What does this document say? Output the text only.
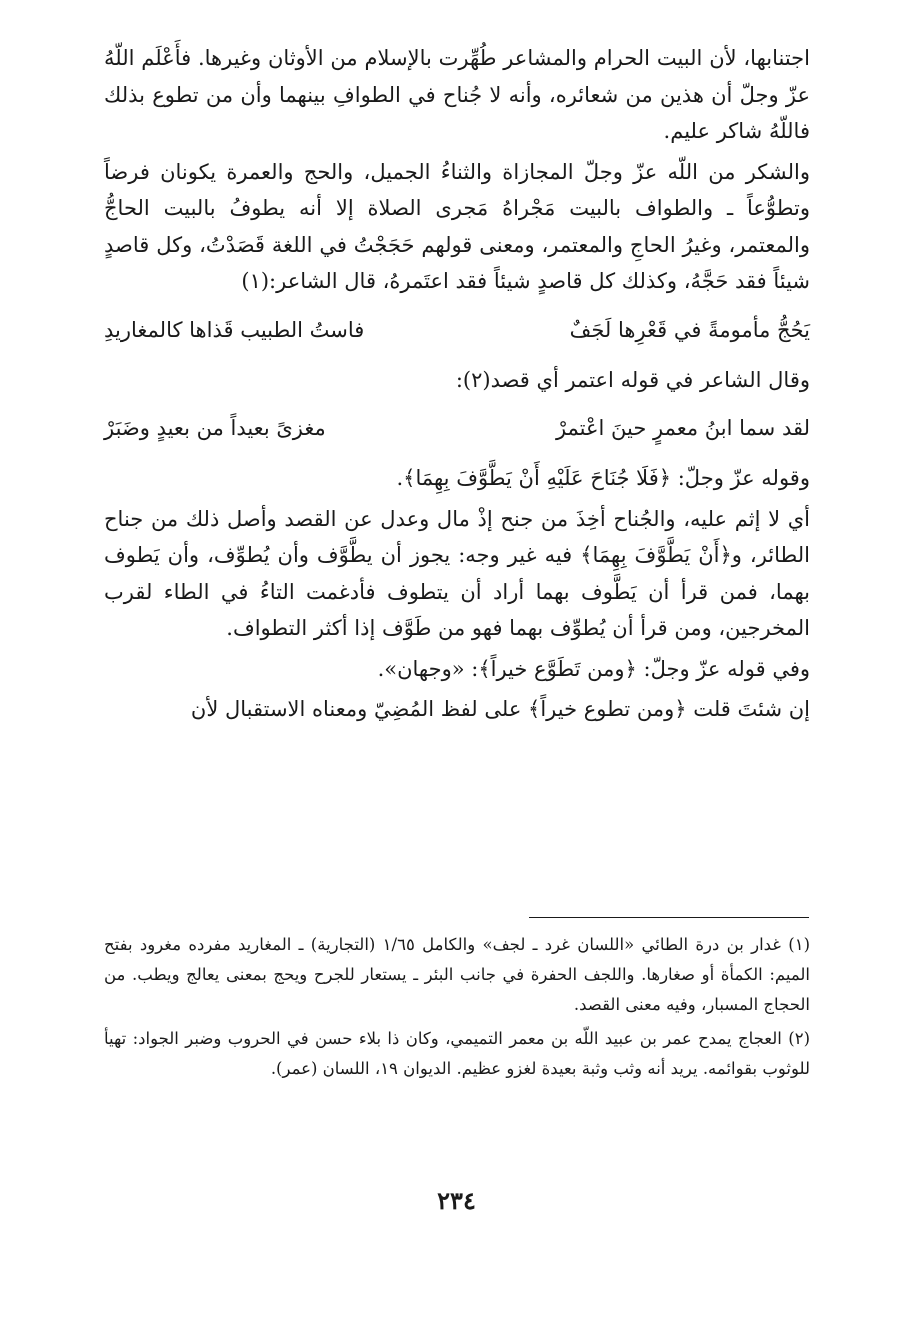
اجتنابها، لأن البيت الحرام والمشاعر طُهِّرت بالإسلام من الأوثان وغيرها. فأَعْلَم اللّهُ عزّ وجلّ أن هذين من شعائره، وأنه لا جُناح في الطوافِ بينهما وأن من تطوع بذلك فاللّهُ شاكر عليم.

والشكر من اللّه عزّ وجلّ المجازاة والثناءُ الجميل، والحج والعمرة يكونان فرضاً وتطوُّعاً ـ والطواف بالبيت مَجْراهُ مَجرى الصلاة إلا أنه يطوفُ بالبيت الحاجُّ والمعتمر، وغيرُ الحاجِ والمعتمر، ومعنى قولهم حَجَجْتُ في اللغة قَصَدْتُ، وكل قاصدٍ شيئاً فقد حَجَّهُ، وكذلك كل قاصدٍ شيئاً فقد اعتَمرهُ، قال الشاعر:(١)

يَحُجُّ مأمومةً في قَعْرِها لَجَفٌ
فاستُ الطبيب قَذاها كالمغاريدِ

وقال الشاعر في قوله اعتمر أي قصد(٢):

لقد سما ابنُ معمرٍ حينَ اعْتمرْ
مغزىً بعيداً من بعيدٍ وضَبَرْ

وقوله عزّ وجلّ: ﴿فَلَا جُنَاحَ عَلَيْهِ أَنْ يَطَّوَّفَ بِهِمَا﴾.

أي لا إثم عليه، والجُناح أخِذَ من جنح إذْ مال وعدل عن القصد وأصل ذلك من جناح الطائر، و﴿أَنْ يَطَّوَّفَ بِهِمَا﴾ فيه غير وجه: يجوز أن يطَّوَّف وأن يُطوِّف، وأن يَطوف بهما، فمن قرأ أن يَطَّوف بهما أراد أن يتطوف فأدغمت التاءُ في الطاء لقرب المخرجين، ومن قرأ أن يُطوِّف بهما فهو من طَوَّف إذا أكثر التطواف.

وفي قوله عزّ وجلّ: ﴿ومن تَطَوَّع خيراً﴾: «وجهان».

إن شئتَ قلت ﴿ومن تطوع خيراً﴾ على لفظ المُضِيّ ومعناه الاستقبال لأن

(١) غدار بن درة الطائي «اللسان غرد ـ لجف» والكامل ١/٦٥ (التجارية) ـ المغاريد مفرده مغرود بفتح الميم: الكمأة أو صغارها. واللجف الحفرة في جانب البئر ـ يستعار للجرح ويحج بمعنى يعالج ويطب. من الحجاج المسبار، وفيه معنى القصد.

(٢) العجاج يمدح عمر بن عبيد اللّه بن معمر التميمي، وكان ذا بلاء حسن في الحروب وضبر الجواد: تهيأ للوثوب بقوائمه. يريد أنه وثب وثبة بعيدة لغزو عظيم. الديوان ١٩، اللسان (عمر).

٢٣٤
